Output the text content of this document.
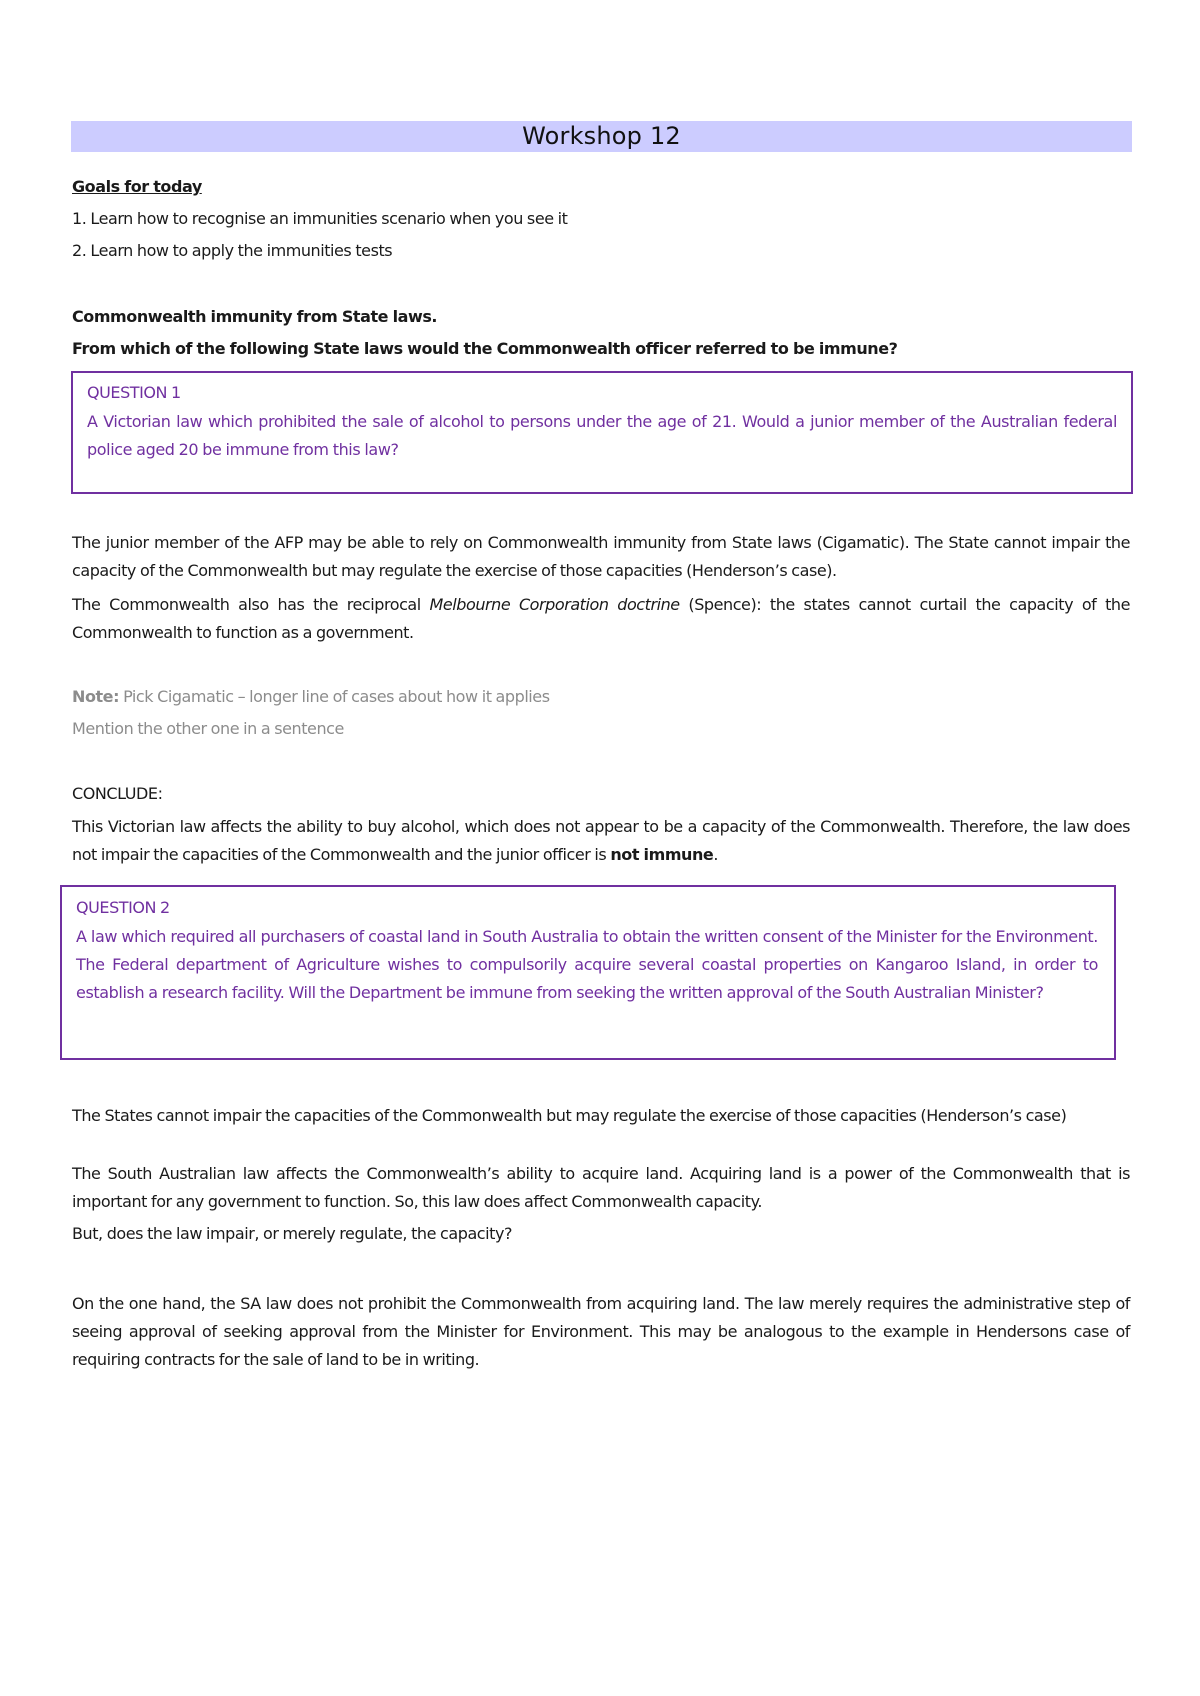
Workshop 12
Goals for today
1. Learn how to recognise an immunities scenario when you see it
2. Learn how to apply the immunities tests
Commonwealth immunity from State laws.
From which of the following State laws would the Commonwealth officer referred to be immune?
QUESTION 1
A Victorian law which prohibited the sale of alcohol to persons under the age of 21. Would a junior member of the Australian federal police aged 20 be immune from this law?
The junior member of the AFP may be able to rely on Commonwealth immunity from State laws (Cigamatic). The State cannot impair the capacity of the Commonwealth but may regulate the exercise of those capacities (Henderson’s case).
The Commonwealth also has the reciprocal Melbourne Corporation doctrine (Spence): the states cannot curtail the capacity of the Commonwealth to function as a government.
Note: Pick Cigamatic – longer line of cases about how it applies
Mention the other one in a sentence
CONCLUDE:
This Victorian law affects the ability to buy alcohol, which does not appear to be a capacity of the Commonwealth. Therefore, the law does not impair the capacities of the Commonwealth and the junior officer is not immune.
QUESTION 2
A law which required all purchasers of coastal land in South Australia to obtain the written consent of the Minister for the Environment. The Federal department of Agriculture wishes to compulsorily acquire several coastal properties on Kangaroo Island, in order to establish a research facility. Will the Department be immune from seeking the written approval of the South Australian Minister?
The States cannot impair the capacities of the Commonwealth but may regulate the exercise of those capacities (Henderson’s case)
The South Australian law affects the Commonwealth’s ability to acquire land. Acquiring land is a power of the Commonwealth that is important for any government to function. So, this law does affect Commonwealth capacity.
But, does the law impair, or merely regulate, the capacity?
On the one hand, the SA law does not prohibit the Commonwealth from acquiring land. The law merely requires the administrative step of seeing approval of seeking approval from the Minister for Environment. This may be analogous to the example in Hendersons case of requiring contracts for the sale of land to be in writing.
